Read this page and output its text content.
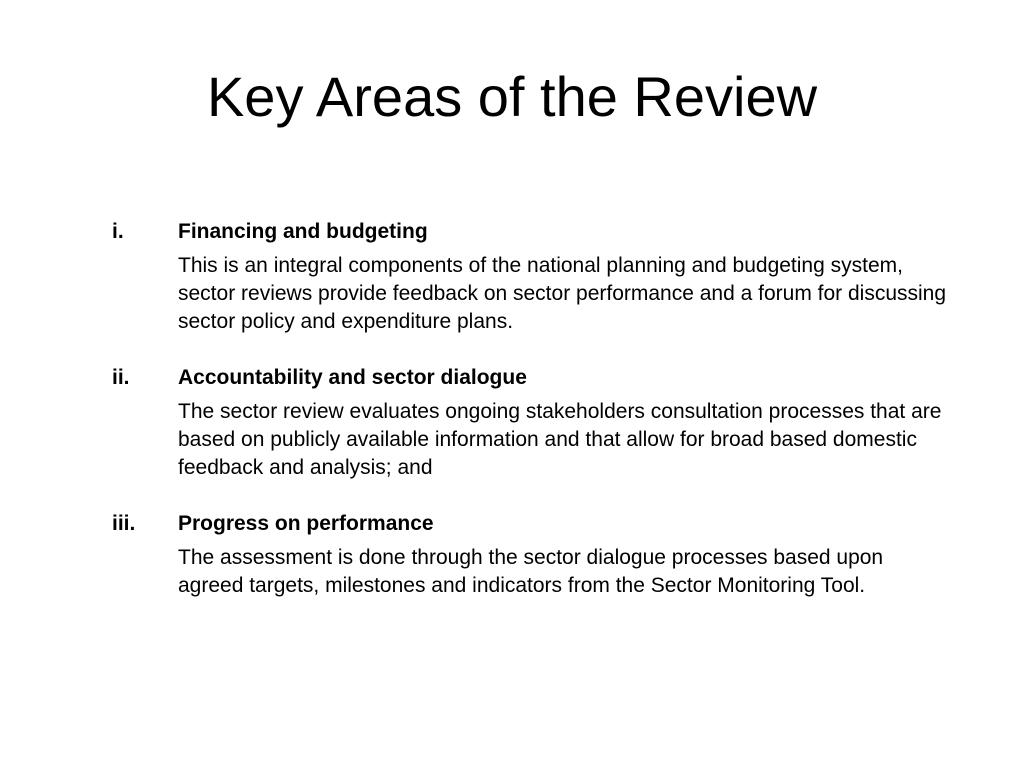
Key Areas of the Review
i.	Financing and budgeting

This is an integral components of the national planning and budgeting system, sector reviews provide feedback on sector performance and a forum for discussing sector policy and expenditure plans.

ii. Accountability and sector dialogue

The sector review evaluates ongoing stakeholders consultation processes that are based on publicly available information and that allow for broad based domestic feedback and analysis; and

iii. Progress on performance

The assessment is done through the sector dialogue processes based upon agreed targets, milestones and indicators from the Sector Monitoring Tool.
